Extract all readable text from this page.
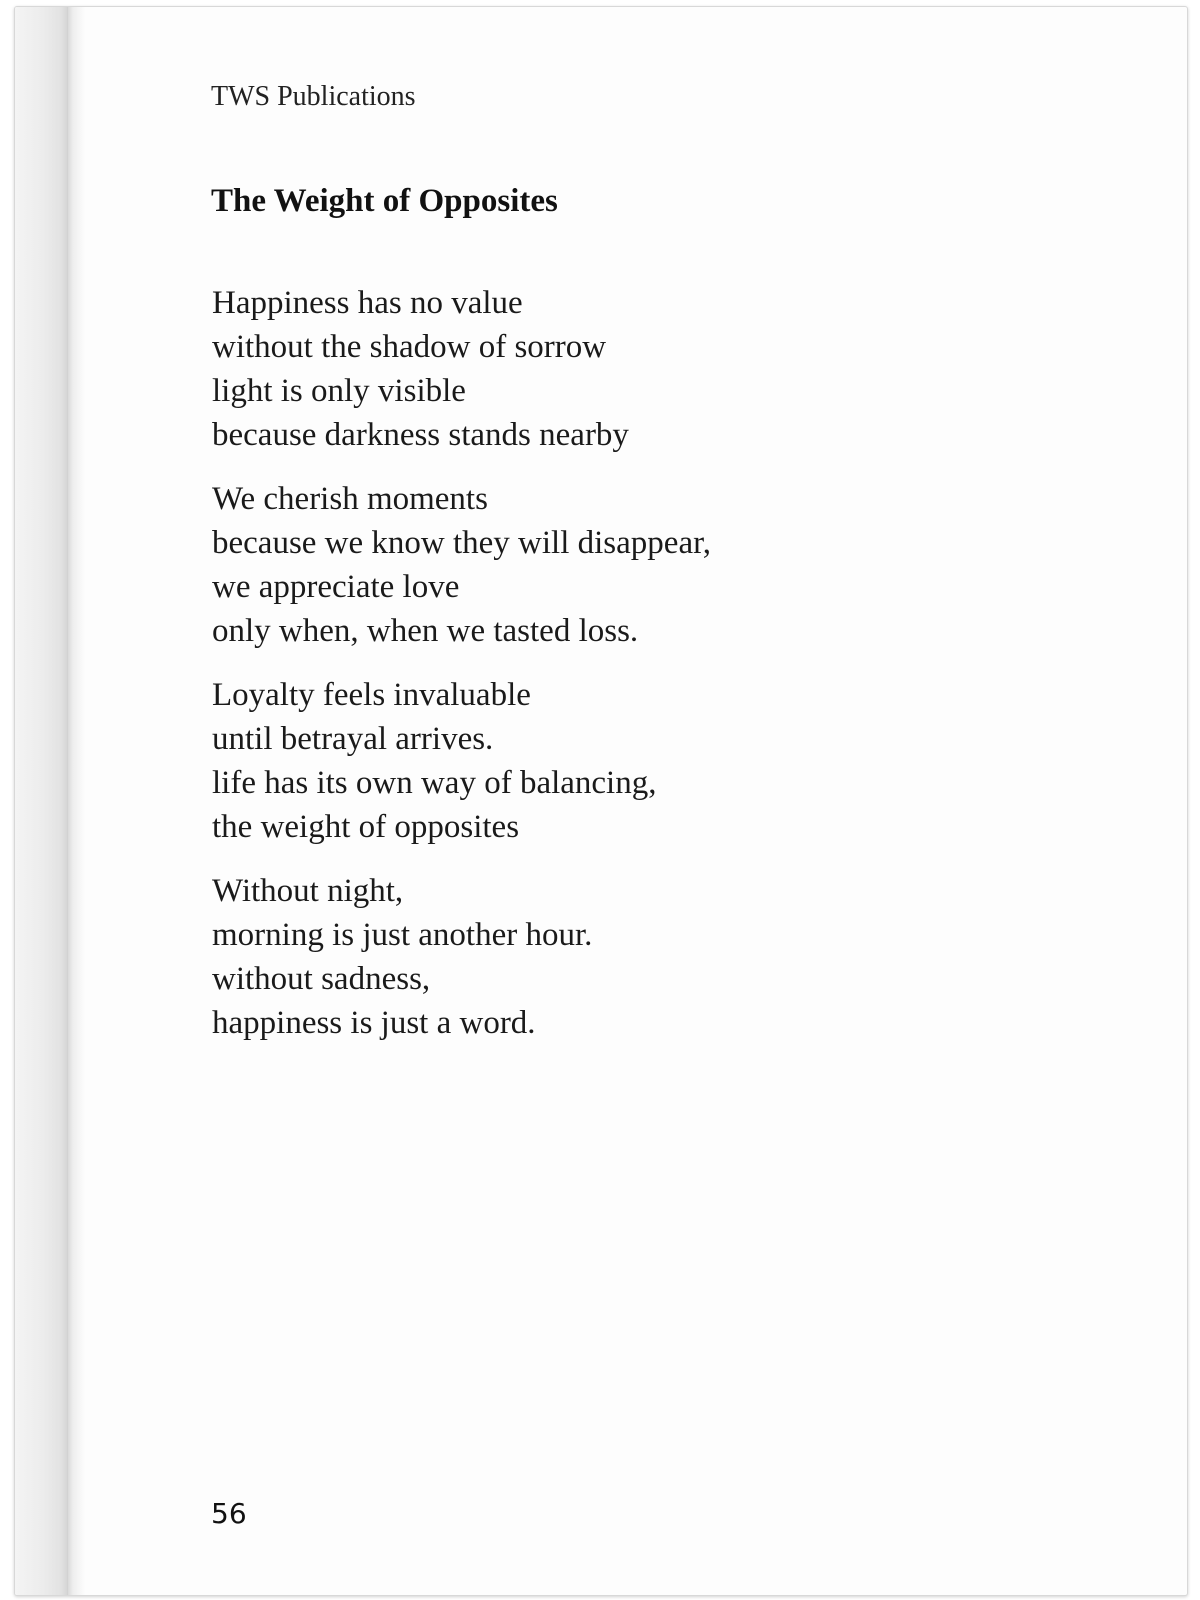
TWS Publications
The Weight of Opposites
Happiness has no value
without the shadow of sorrow
light is only visible
because darkness stands nearby
We cherish moments
because we know they will disappear,
we appreciate love
only when, when we tasted loss.
Loyalty feels invaluable
until betrayal arrives.
life has its own way of balancing,
the weight of opposites
Without night,
morning is just another hour.
without sadness,
happiness is just a word.
56
